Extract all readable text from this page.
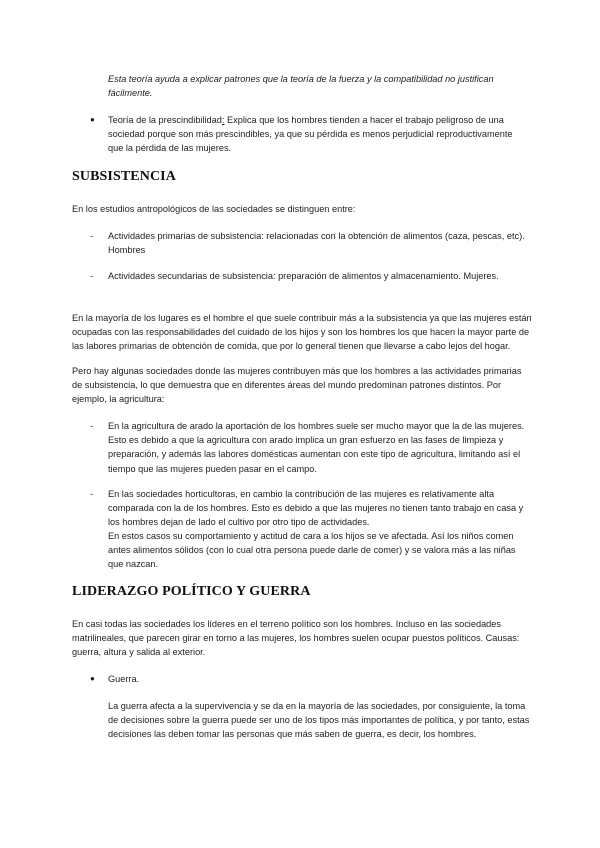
Esta teoría ayuda a explicar patrones que la teoría de la fuerza y la compatibilidad no justifican fácilmente.

● Teoría de la prescindibilidad: Explica que los hombres tienden a hacer el trabajo peligroso de una sociedad porque son más prescindibles, ya que su pérdida es menos perjudicial reproductivamente que la pérdida de las mujeres.

SUBSISTENCIA

En los estudios antropológicos de las sociedades se distinguen entre:

- Actividades primarias de subsistencia: relacionadas con la obtención de alimentos (caza, pescas, etc). Hombres

- Actividades secundarias de subsistencia: preparación de alimentos y almacenamiento. Mujeres.

En la mayoría de los lugares es el hombre el que suele contribuir más a la subsistencia ya que las mujeres están ocupadas con las responsabilidades del cuidado de los hijos y son los hombres los que hacen la mayor parte de las labores primarias de obtención de comida, que por lo general tienen que llevarse a cabo lejos del hogar.

Pero hay algunas sociedades donde las mujeres contribuyen más que los hombres a las actividades primarias de subsistencia, lo que demuestra que en diferentes áreas del mundo predominan patrones distintos. Por ejemplo, la agricultura:

- En la agricultura de arado la aportación de los hombres suele ser mucho mayor que la de las mujeres. Esto es debido a que la agricultura con arado implica un gran esfuerzo en las fases de limpieza y preparación, y además las labores domésticas aumentan con este tipo de agricultura, limitando así el tiempo que las mujeres pueden pasar en el campo.

- En las sociedades horticultoras, en cambio la contribución de las mujeres es relativamente alta comparada con la de los hombres. Esto es debido a que las mujeres no tienen tanto trabajo en casa y los hombres dejan de lado el cultivo por otro tipo de actividades.

En estos casos su comportamiento y actitud de cara a los hijos se ve afectada. Así los niños comen antes alimentos sólidos (con lo cual otra persona puede darle de comer) y se valora más a las niñas que nazcan.

LIDERAZGO POLÍTICO Y GUERRA

En casi todas las sociedades los líderes en el terreno político son los hombres. Incluso en las sociedades matrilineales, que parecen girar en torno a las mujeres, los hombres suelen ocupar puestos políticos. Causas: guerra, altura y salida al exterior.

● Guerra.

La guerra afecta a la supervivencia y se da en la mayoría de las sociedades, por consiguiente, la toma de decisiones sobre la guerra puede ser uno de los tipos más importantes de política, y por tanto, estas decisiones las deben tomar las personas que más saben de guerra, es decir, los hombres.
